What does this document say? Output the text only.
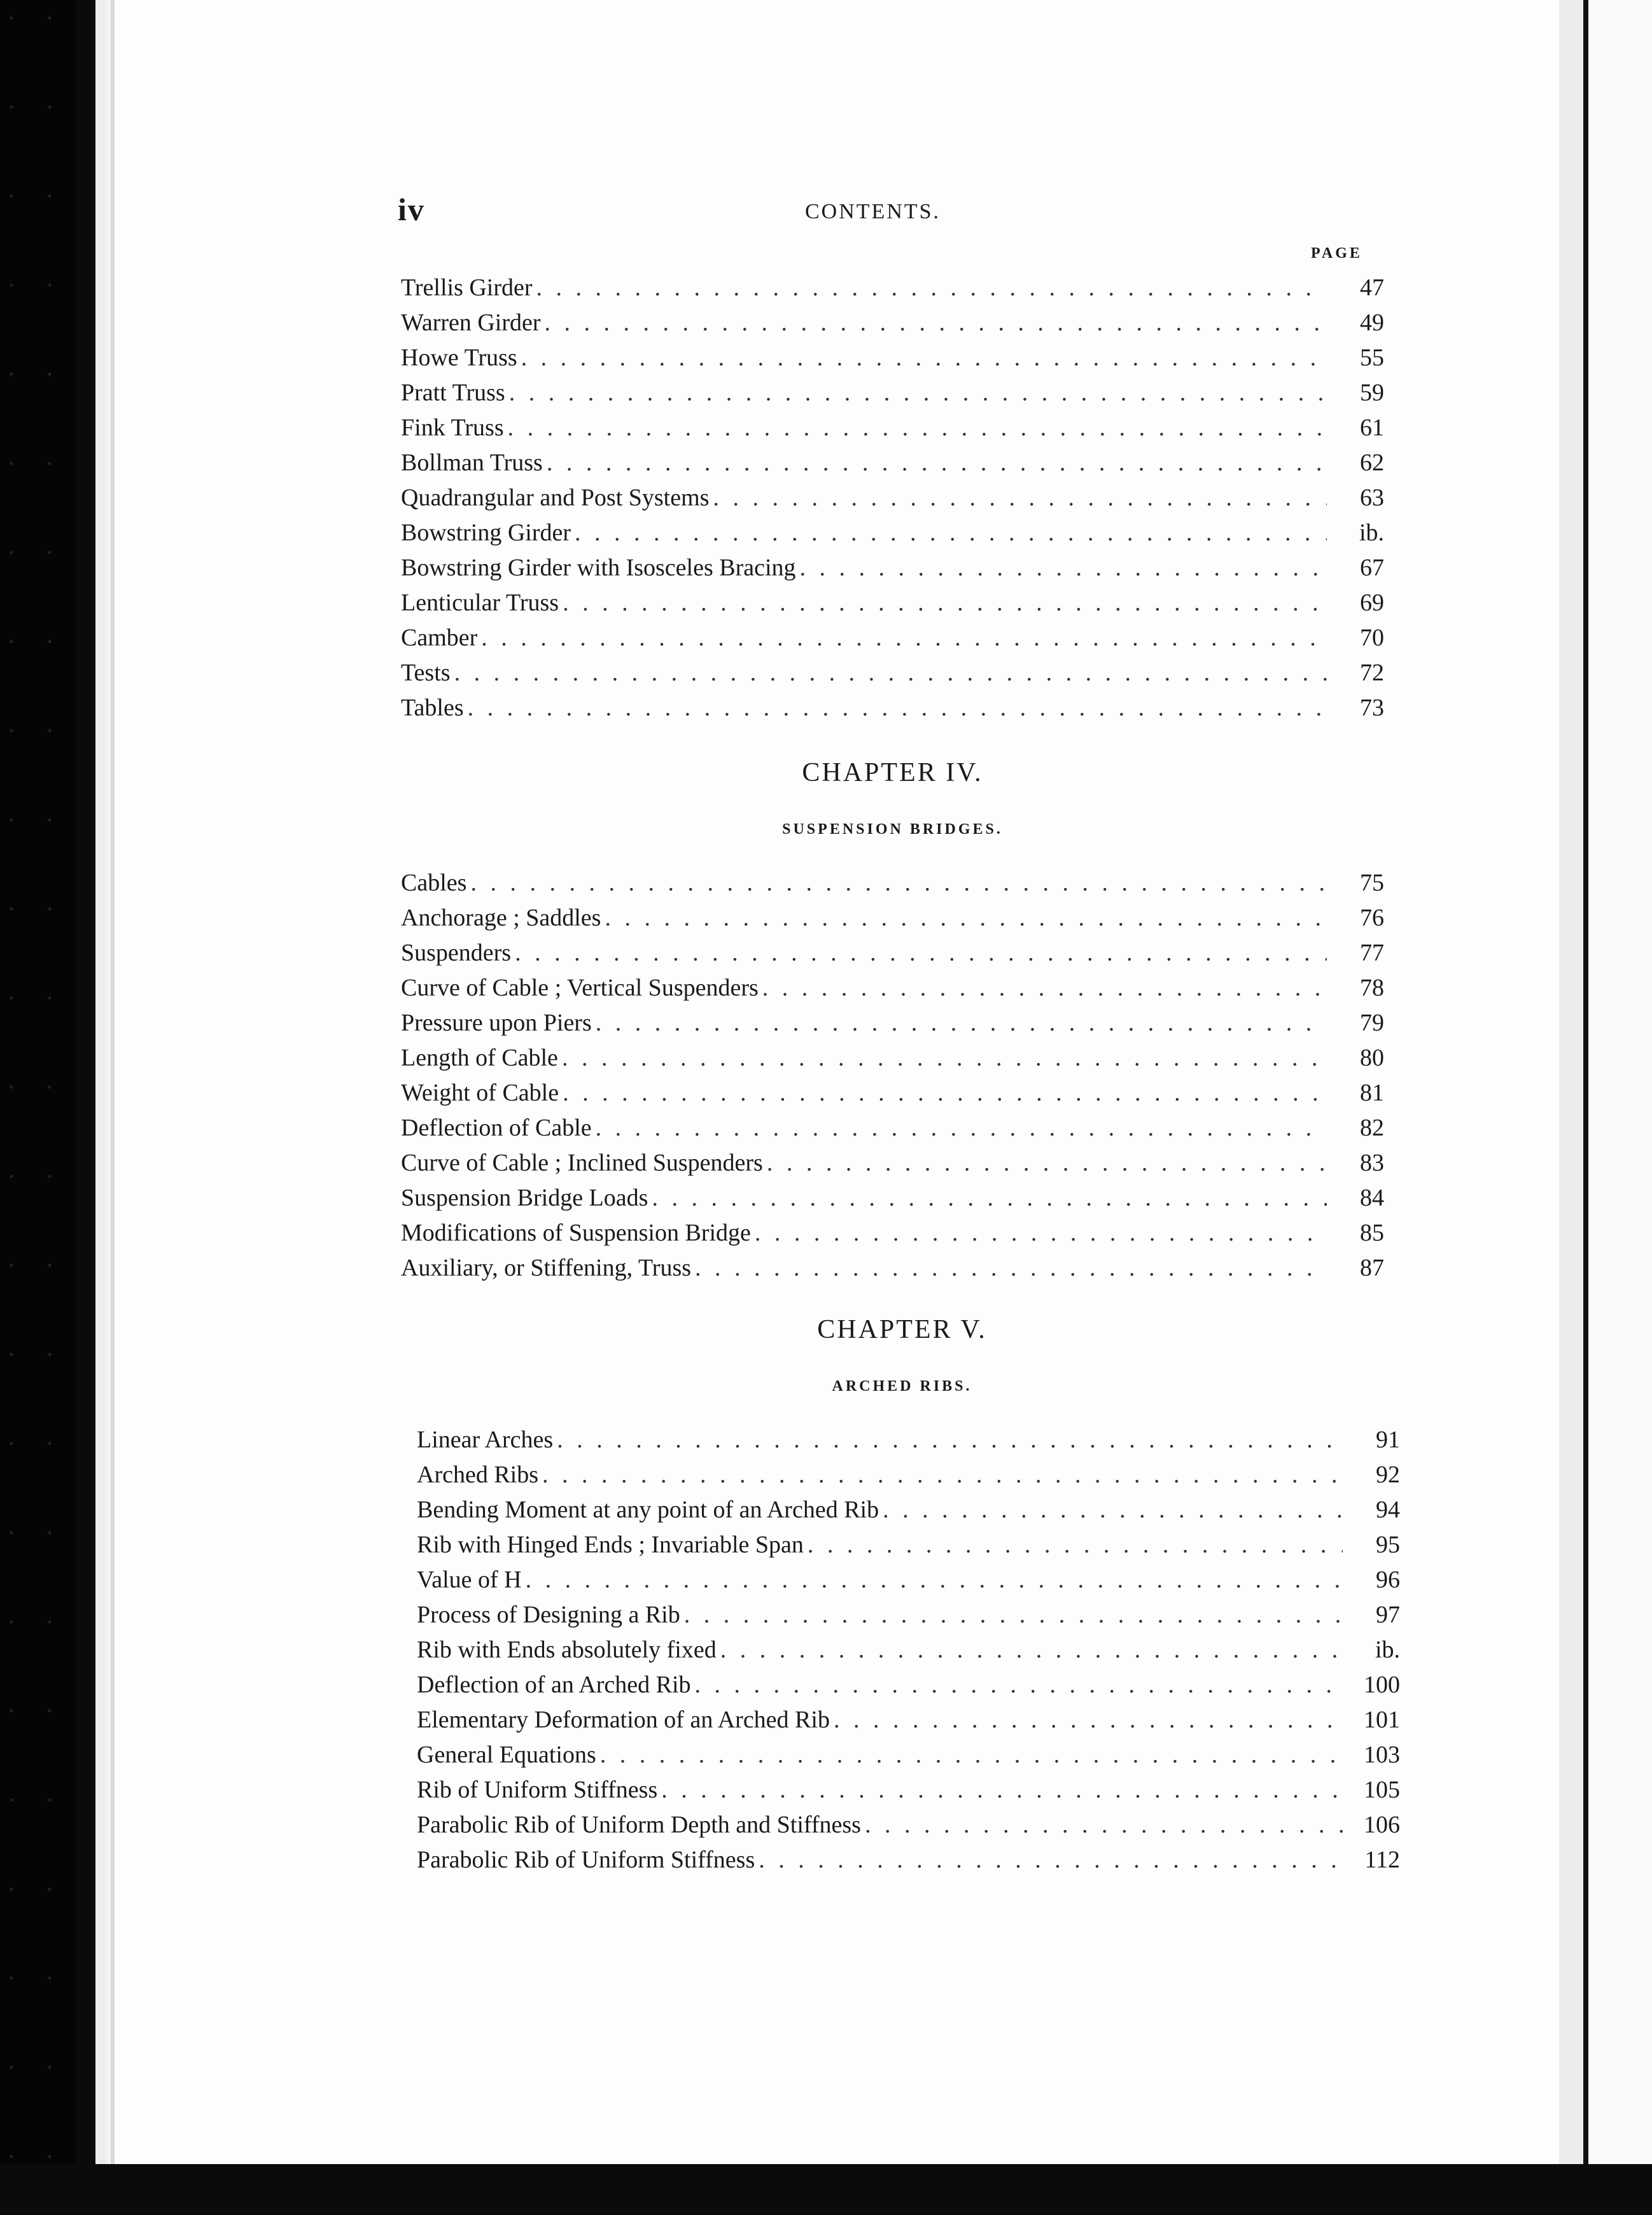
iv	CONTENTS.
PAGE
Trellis Girder . . .	47
Warren Girder . . .	49
Howe Truss . . .	55
Pratt Truss . . .	59
Fink Truss . . .	61
Bollman Truss . . .	62
Quadrangular and Post Systems . . .	63
Bowstring Girder . . .	ib.
Bowstring Girder with Isosceles Bracing . . .	67
Lenticular Truss . . .	69
Camber . . .	70
Tests . . .	72
Tables . . .	73
CHAPTER IV.
SUSPENSION BRIDGES.
Cables . . .	75
Anchorage ; Saddles . . .	76
Suspenders . . .	77
Curve of Cable ; Vertical Suspenders . . .	78
Pressure upon Piers . . .	79
Length of Cable . . .	80
Weight of Cable . . .	81
Deflection of Cable . . .	82
Curve of Cable ; Inclined Suspenders . . .	83
Suspension Bridge Loads . . .	84
Modifications of Suspension Bridge . . .	85
Auxiliary, or Stiffening, Truss . . .	87
CHAPTER V.
ARCHED RIBS.
Linear Arches . . .	91
Arched Ribs . . .	92
Bending Moment at any point of an Arched Rib . . .	94
Rib with Hinged Ends ; Invariable Span . . .	95
Value of H . . .	96
Process of Designing a Rib . . .	97
Rib with Ends absolutely fixed . . .	ib.
Deflection of an Arched Rib . . .	100
Elementary Deformation of an Arched Rib . . .	101
General Equations . . .	103
Rib of Uniform Stiffness . . .	105
Parabolic Rib of Uniform Depth and Stiffness . . .	106
Parabolic Rib of Uniform Stiffness . . .	112
